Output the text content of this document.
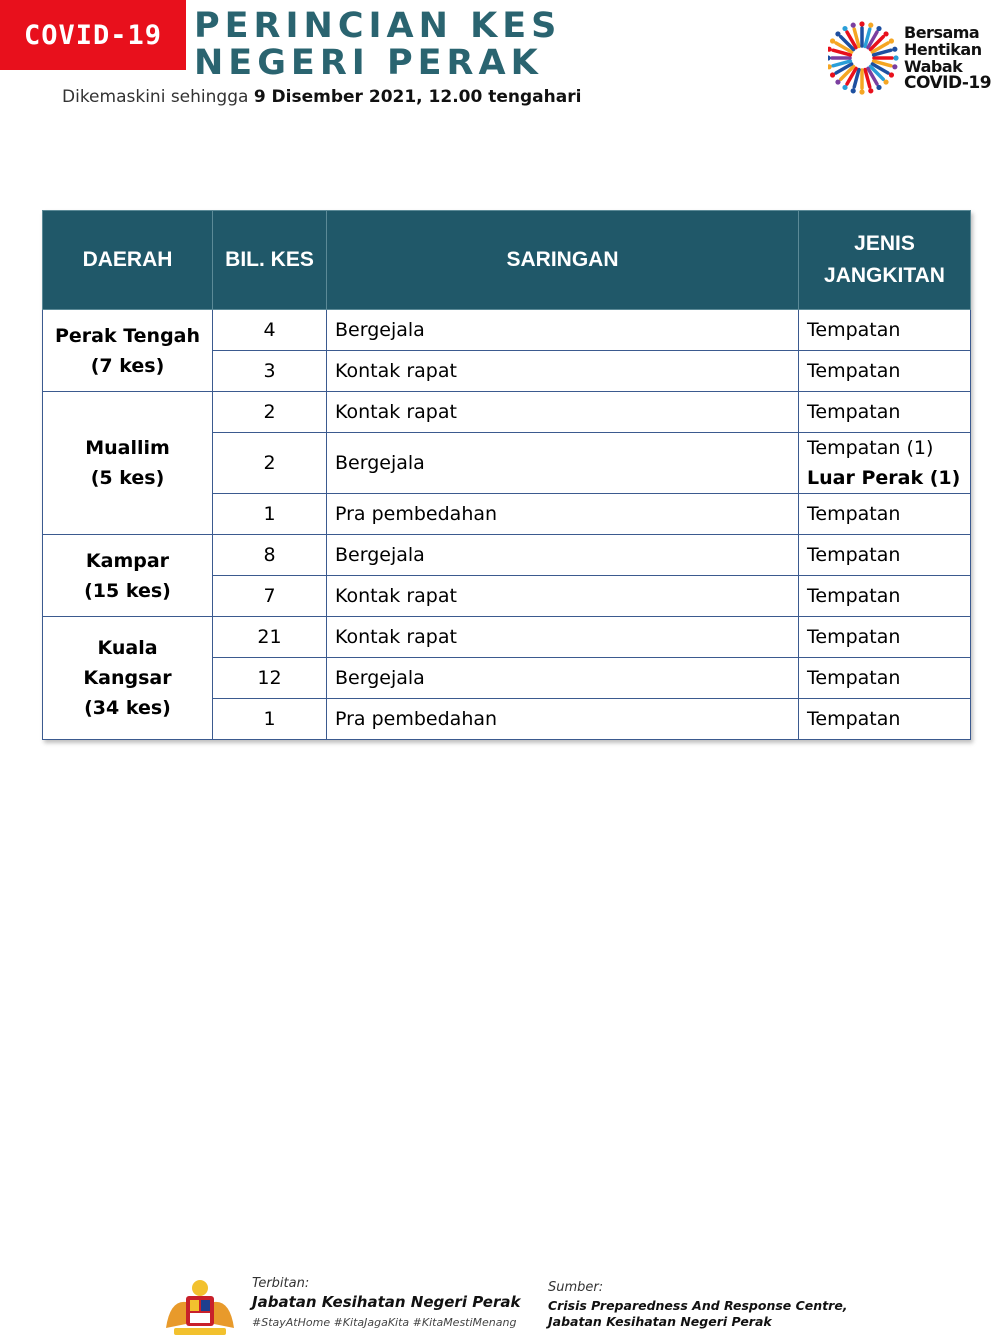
COVID-19 PERINCIAN KES
NEGERI PERAK
Dikemaskini sehingga 9 Disember 2021, 12.00 tengahari
Bersama
Hentikan
Wabak
COVID-19
DAERAH	BIL. KES	SARINGAN	JENIS
JANGKITAN
Perak Tengah
(7 kes)	4	Bergejala	Tempatan
	3	Kontak rapat	Tempatan
Muallim
(5 kes)	2	Kontak rapat	Tempatan
	2	Bergejala	Tempatan (1)
Luar Perak (1)
	1	Pra pembedahan	Tempatan
Kampar
(15 kes)	8	Bergejala	Tempatan
	7	Kontak rapat	Tempatan
Kuala Kangsar
(34 kes)	21	Kontak rapat	Tempatan
	12	Bergejala	Tempatan
	1	Pra pembedahan	Tempatan
Terbitan:
Jabatan Kesihatan Negeri Perak
#StayAtHome #KitaJagaKita #KitaMestiMenang
Sumber:
Crisis Preparedness And Response Centre,
Jabatan Kesihatan Negeri Perak
